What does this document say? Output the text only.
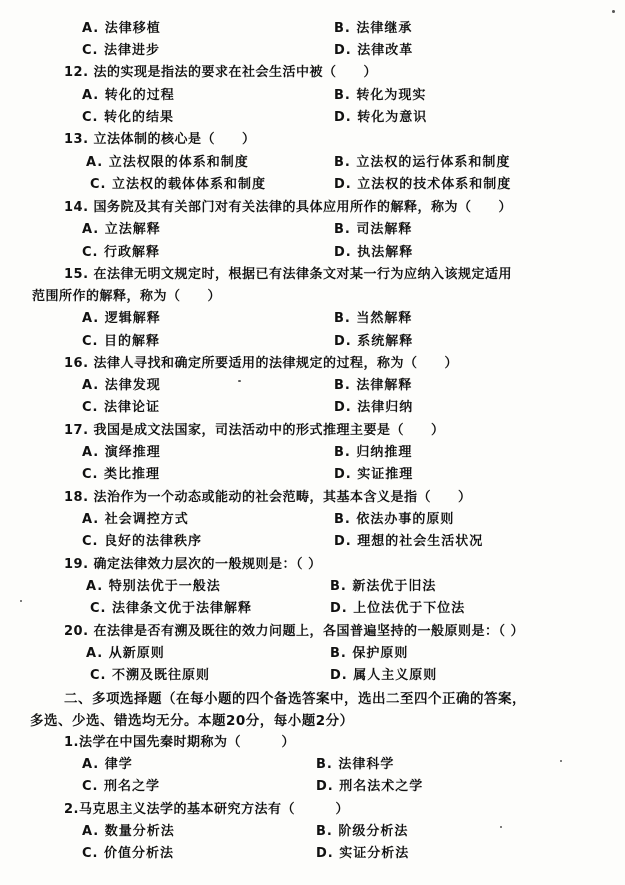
A. 法律移植	B. 法律继承
C. 法律进步	D. 法律改革
12. 法的实现是指法的要求在社会生活中被（　　）
A. 转化的过程	B. 转化为现实
C. 转化的结果	D. 转化为意识
13. 立法体制的核心是（　　）
A. 立法权限的体系和制度	B. 立法权的运行体系和制度
C. 立法权的载体体系和制度	D. 立法权的技术体系和制度
14. 国务院及其有关部门对有关法律的具体应用所作的解释，称为（　　）
A. 立法解释	B. 司法解释
C. 行政解释	D. 执法解释
15. 在法律无明文规定时，根据已有法律条文对某一行为应纳入该规定适用
范围所作的解释，称为（　　）
A. 逻辑解释	B. 当然解释
C. 目的解释	D. 系统解释
16. 法律人寻找和确定所要适用的法律规定的过程，称为（　　）
A. 法律发现	B. 法律解释
C. 法律论证	D. 法律归纳
17. 我国是成文法国家，司法活动中的形式推理主要是（　　）
A. 演绎推理	B. 归纳推理
C. 类比推理	D. 实证推理
18. 法治作为一个动态或能动的社会范畴，其基本含义是指（　　）
A. 社会调控方式	B. 依法办事的原则
C. 良好的法律秩序	D. 理想的社会生活状况
19. 确定法律效力层次的一般规则是：（ ）
A. 特别法优于一般法	B. 新法优于旧法
C. 法律条文优于法律解释	D. 上位法优于下位法
20. 在法律是否有溯及既往的效力问题上，各国普遍坚持的一般原则是：（ ）
A. 从新原则	B. 保护原则
C. 不溯及既往原则	D. 属人主义原则
二、多项选择题（在每小题的四个备选答案中，选出二至四个正确的答案，
多选、少选、错选均无分。本题20分，每小题2分）
1.法学在中国先秦时期称为（　　　）
A. 律学	B. 法律科学
C. 刑名之学	D. 刑名法术之学
2.马克思主义法学的基本研究方法有（　　　）
A. 数量分析法	B. 阶级分析法
C. 价值分析法	D. 实证分析法
